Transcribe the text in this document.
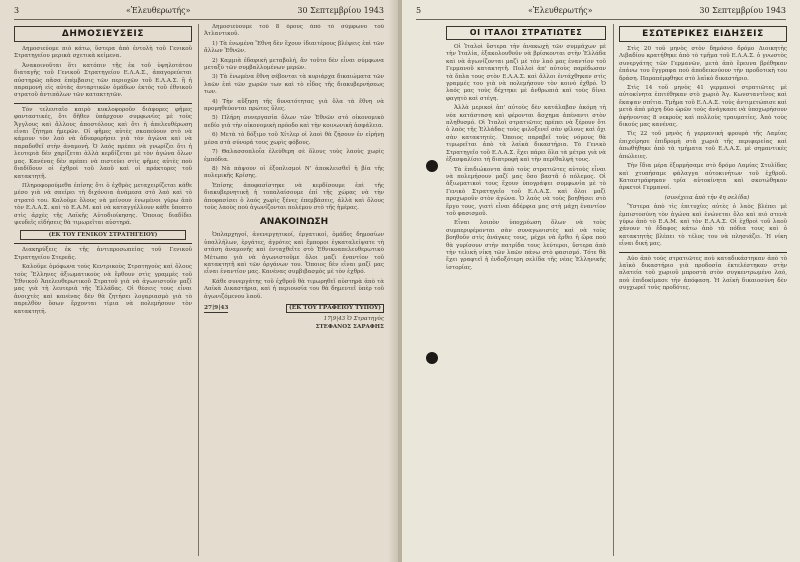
3	«Ἐλευθερωτής»	30 Σεπτεμβρίου 1943
ΔΗΜΟΣΙΕΥΣΕΙΣ

Δημοσιεύομε πιὸ κάτω, ὕστερα ἀπὸ ἐντολὴ τοῦ Γενικοῦ Στρατηγείου μερικὰ σχετικὰ κείμενα.

Ἀνακοινοῦται ὅτι κατόπιν τῆς ἐκ τοῦ ὑψηλοτάτου διαταγῆς τοῦ Γενικοῦ Στρατηγείου Ε.Λ.Α.Σ., ἀπαγορεύεται αὐστηρῶς πᾶσα ἐπέμβασις τῶν περιοχῶν τοῦ Ε.Λ.Α.Σ. ἢ ἡ παραμονὴ εἰς αὐτὰς ἀνταρτικῶν ὁμάδων ἐκτὸς τοῦ ἐθνικοῦ στρατοῦ ἀντιπάλων τῶν κατακτητῶν.

Τὸν τελευταῖο καιρὸ κυκλοφοροῦν διάφορες φῆμες φανταστικές, ὅτι δῆθεν ὑπάρχουν συμφωνίες μὲ τοὺς Ἄγγλους καὶ ἄλλους ἀποστόλους καὶ ὅτι ἡ ἀπελευθέρωση εἶναι ζήτημα ἡμερῶν. Οἱ φῆμες αὐτὲς σκοπεύουν στὸ νὰ κάμουν τὸν λαὸ νὰ ἀδιαφορήσει γιὰ τὸν ἀγώνα καὶ νὰ παραδοθεῖ στὴν ἀναμονή. Ὁ λαὸς πρέπει νὰ γνωρίζει ὅτι ἡ λευτεριὰ δὲν χαρίζεται ἀλλὰ κερδίζεται μὲ τὸν ἀγώνα ὅλων μας. Κανένας δὲν πρέπει νὰ πιστεύει στὶς φῆμες αὐτὲς ποὺ διαδίδουν οἱ ἐχθροὶ τοῦ λαοῦ καὶ οἱ πράκτορες τοῦ κατακτητῆ.

Πληροφορούμεθα ἐπίσης ὅτι ὁ ἐχθρὸς μεταχειρίζεται κάθε μέσο γιὰ νὰ σπείρει τὴ διχόνοια ἀνάμεσα στὸ λαὸ καὶ τὸ στρατό του. Καλοῦμε ὅλους νὰ μείνουν ἑνωμένοι γύρω ἀπὸ τὸν Ε.Λ.Α.Σ. καὶ τὸ Ε.Α.Μ. καὶ νὰ καταγγέλλουν κάθε ὕποπτο στὶς ἀρχὲς τῆς Λαϊκῆς Αὐτοδιοίκησης. Ὅποιος διαδίδει ψευδεῖς εἰδήσεις θὰ τιμωρεῖται αὐστηρά.

(ΕΚ ΤΟΥ ΓΕΝΙΚΟΥ ΣΤΡΑΤΗΓΕΙΟΥ)

Διακηρύξεις ἐκ τῆς ἀντιπροσωπείας τοῦ Γενικοῦ Στρατηγείου Στερεᾶς.

Καλοῦμε ὁμόφωνα τοὺς Κεντρικοὺς Στρατηγοὺς καὶ ὅλους τοὺς Ἕλληνες ἀξιωματικοὺς νὰ ἔρθουν στὶς γραμμὲς τοῦ Ἐθνικοῦ Ἀπελευθερωτικοῦ Στρατοῦ γιὰ νὰ ἀγωνιστοῦν μαζί μας γιὰ τὴ λευτεριὰ τῆς Ἑλλάδας. Οἱ θέσεις τους εἶναι ἀνοιχτὲς καὶ κανένας δὲν θὰ ζητήσει λογαριασμὸ γιὰ τὸ παρελθὸν ὅσων ἔρχονται τίμια νὰ πολεμήσουν τὸν κατακτητή.

Δημοσιεύουμε τοῦ 8 ὅρους ἀπὸ τὸ σύμφωνο τοῦ Ἀτλαντικοῦ.

1) Τὰ ἑνωμένα Ἔθνη δὲν ἔχουν ἰδιαιτέρους βλέψεις ἐπὶ τῶν ἄλλων Ἐθνῶν.

2) Καμμιὰ ἐδαφικὴ μεταβολή, ἂν τοῦτο δὲν εἶναι σύμφωνα μεταξὺ τῶν συμβαλλομένων μερῶν.

3) Τὰ ἑνωμένα ἔθνη σέβονται τὰ κυριάρχα δικαιώματα τῶν λαῶν ἐπὶ τῶν χωρῶν των καὶ τὸ εἶδος τῆς διακυβερνήσεως των.

4) Τὴν αὔξηση τῆς δυνατότητας γιὰ ὅλα τὰ ἔθνη νὰ προμηθεύονται πρώτες ὕλες.

5) Πλήρη συνεργασία ὅλων τῶν Ἐθνῶν στὸ οἰκονομικὸ πεδίο γιὰ τὴν οἰκονομικὴ πρόοδο καὶ τὴν κοινωνικὴ ἀσφάλεια.

6) Μετὰ τὸ δόξιμο τοῦ Χίτλερ οἱ λαοὶ θὰ ζήσουν ἐν εἰρήνῃ μέσα στὰ σύνορά τους χωρὶς φόβους.

7) Θαλασσοπλοΐα ἐλεύθερη σὲ ὅλους τοὺς λαοὺς χωρὶς ἐμπόδια.

8) Νὰ πάψουν οἱ ἐξοπλισμοὶ Ν' ἀποκλεισθεῖ ἡ βία τῆς πολεμικῆς Κρίσης.

Ἐπίσης ἀποφασίστηκε νὰ κερδίσουμε ἐπὶ τῆς διακυβερνητικῆ ἡ τοπαλαίσουμε ἐπί τῆς χώρας νὰ τὴν ἀποφασίσει ὁ λαός χωρὶς ξένες ἐπεμβάσεις, ἀλλὰ καὶ ὅλους τοὺς λαοὺς ποὺ ἀγωνίζονται πολέμου στὸ τῆς ἡμέρας.

ΑΝΑΚΟΙΝΩΣΗ

Ὁπλαρχηγοί, ἀνενεργητικοί, ἐργατικοί, ὁμάδες δημοσίων ὑπαλλήλων, ἐργάτες, ἀγρότες καὶ ἔμποροι ἐγκαταλείψατε τὴ στάση ἀναμονῆς καὶ ἐνταχθεῖτε στὸ Ἐθνικοαπελευθερωτικὸ Μέτωπο γιὰ νὰ ἀγωνιστοῦμε ὅλοι μαζὶ ἐναντίον τοῦ κατακτητῆ καὶ τῶν ὀργάνων του. Ὅποιος δὲν εἶναι μαζί μας εἶναι ἐναντίον μας. Κανένας συμβιβασμὸς μὲ τὸν ἐχθρό.

Κάθε συνεργάτης τοῦ ἐχθροῦ θὰ τιμωρηθεῖ αὐστηρὰ ἀπὸ τὰ Λαϊκὰ Δικαστήρια, καὶ ἡ περιουσία του θὰ δημευτεῖ ὑπὲρ τοῦ ἀγωνιζόμενου λαοῦ.

27|9|43	(ΕΚ ΤΟΥ ΓΡΑΦΕΙΟΥ ΤΥΠΟΥ)
17|9|43 Ὁ Στρατηγὸς
ΣΤΕΦΑΝΟΣ ΣΑΡΑΦΗΣ
5	«Ἐλευθερωτής»	30 Σεπτεμβρίου 1943
ΟΙ ΙΤΑΛΟΙ ΣΤΡΑΤΙΩΤΕΣ

Οἱ Ἰταλοὶ ὕστερα τὴν ἀνακωχὴ τῶν συμμάχων μὲ τὴν Ἰταλία, ἐξακολουθοῦν νὰ βρίσκονται στὴν Ἑλλάδα καὶ νὰ ἀγωνίζονται μαζὶ μὲ τὸν λαό μας ἐναντίον τοῦ Γερμανοῦ κατακτητῆ. Πολλοὶ ἀπ' αὐτοὺς παρέδωσαν τὰ ὅπλα τους στὸν Ε.Λ.Α.Σ. καὶ ἄλλοι ἐντάχθηκαν στὶς γραμμές του γιὰ νὰ πολεμήσουν τὸν κοινὸ ἐχθρό. Ὁ λαός μας τοὺς δέχτηκε μὲ ἀνθρωπιὰ καὶ τοὺς δίνει φαγητὸ καὶ στέγη.

Ἀλλὰ μερικοὶ ἀπ' αὐτοὺς δὲν κατάλαβαν ἀκόμη τὴ νέα κατάσταση καὶ φέρονται ἄσχημα ἀπέναντι στὸν πληθυσμό. Οἱ Ἰταλοὶ στρατιῶτες πρέπει νὰ ξέρουν ὅτι ὁ λαὸς τῆς Ἑλλάδας τοὺς φιλοξενεῖ σὰν φίλους καὶ ὄχι σὰν κατακτητές. Ὅποιος παραβεῖ τοὺς νόμους θὰ τιμωρεῖται ἀπὸ τὰ λαϊκὰ δικαστήρια. Τὸ Γενικὸ Στρατηγεῖο τοῦ Ε.Λ.Α.Σ. ἔχει πάρει ὅλα τὰ μέτρα γιὰ νὰ ἐξασφαλίσει τὴ διατροφὴ καὶ τὴν περίθαλψή τους.

Τὰ ἐπιδιώκοντα ἀπὸ τοὺς στρατιῶτες αὐτοὺς εἶναι νὰ πολεμήσουν μαζί μας ὅσο βαστᾶ ὁ πόλεμος. Οἱ ἀξιωματικοὶ τους ἔχουν ὑπογράψει συμφωνία μὲ τὸ Γενικὸ Στρατηγεῖο τοῦ Ε.Λ.Α.Σ. καὶ ὅλοι μαζὶ προχωροῦν στὸν ἀγώνα. Ὁ λαὸς νὰ τοὺς βοηθήσει στὸ ἔργο τους, γιατὶ εἶναι ἀδέρφια μας στὴ μάχη ἐναντίον τοῦ φασισμοῦ.

Εἶναι λοιπὸν ὑποχρέωση ὅλων νὰ τοὺς συμπεριφέρονται σὰν συναγωνιστὲς καὶ νὰ τοὺς βοηθοῦν στὶς ἀνάγκες τους, μέχρι νὰ ἔρθει ἡ ὥρα ποὺ θὰ γυρίσουν στὴν πατρίδα τους λεύτεροι, ὕστερα ἀπὸ τὴν τελικὴ νίκη τῶν λαῶν πάνω στὸ φασισμό. Τότε θὰ ἔχει γραφτεῖ ἡ ἐνδοξότερη σελίδα τῆς νέας Ἑλληνικῆς ἱστορίας.

ΕΣΩΤΕΡΙΚΕΣ ΕΙΔΗΣΕΙΣ

Στὶς 20 τοῦ μηνὸς στὸν δημόσιο δρόμο Διοικητὴς Λιβαδίου κρατήθηκε ἀπὸ τὸ τμῆμα τοῦ Ε.Λ.Α.Σ. ὁ γνωστὸς συνεργάτης τῶν Γερμανῶν, μετὰ ἀπὸ ἔρευνα βρέθηκαν ἐπάνω του ἔγγραφα ποὺ ἀποδεικνύουν τὴν προδοτικὴ του δράση. Παραπέμφθηκε στὸ λαϊκὸ δικαστήριο.

Στὶς 14 τοῦ μηνὸς 41 γερμανοὶ στρατιῶτες μὲ αὐτοκίνητα ἐπιτέθηκαν στὸ χωριὸ Ἀγ. Κωνσταντῖνος καὶ ἔκαψαν σπίτια. Τμῆμα τοῦ Ε.Λ.Α.Σ. τοὺς ἀντιμετώπισε καὶ μετὰ ἀπὸ μάχη δύο ὡρῶν τοὺς ἀνάγκασε νὰ ὑποχωρήσουν ἀφήνοντας 8 νεκροὺς καὶ πολλοὺς τραυματίες. Ἀπὸ τοὺς δικούς μας κανένας.

Τὶς 22 τοῦ μηνὸς ἡ γερμανικὴ φρουρὰ τῆς Λαμίας ἐπιχείρησε ἐπιδρομὴ στὰ χωριὰ τῆς περιφερείας καὶ ἀπωθήθηκε ἀπὸ τὰ τμήματα τοῦ Ε.Λ.Α.Σ. μὲ σημαντικὲς ἀπώλειες.

Τὴν ἴδια μέρα ἐξορμήσαμε στὸ δρόμο Λαμίας Στυλίδας καὶ χτυπήσαμε φάλαγγα αὐτοκινήτων τοῦ ἐχθροῦ. Καταστράφηκαν τρία αὐτοκίνητα καὶ σκοτώθηκαν ἀρκετοὶ Γερμανοί.

(συνέχεια ἀπὸ τὴν 4η σελίδα)

Ὕστερα ἀπὸ τὶς ἐπιτυχίες αὐτὲς ὁ λαὸς βλέπει μὲ ἐμπιστοσύνη τὸν ἀγώνα καὶ ἑνώνεται ὅλο καὶ πιὸ στενὰ γύρω ἀπὸ τὸ Ε.Α.Μ. καὶ τὸν Ε.Λ.Α.Σ. Οἱ ἐχθροὶ τοῦ λαοῦ χάνουν τὸ ἔδαφος κάτω ἀπὸ τὰ πόδια τους καὶ ὁ κατακτητὴς βλέπει τὸ τέλος του νὰ πλησιάζει. Ἡ νίκη εἶναι δική μας.

Δύο ἀπὸ τοὺς στρατιῶτες ποὺ καταδικάστηκαν ἀπὸ τὸ λαϊκὸ δικαστήριο γιὰ προδοσία ἐκτελέστηκαν στὴν πλατεία τοῦ χωριοῦ μπροστὰ στὸν συγκεντρωμένο λαό, ποὺ ἐπιδοκίμασε τὴν ἀπόφαση. Ἡ λαϊκὴ δικαιοσύνη δὲν συγχωρεῖ τοὺς προδότες.
